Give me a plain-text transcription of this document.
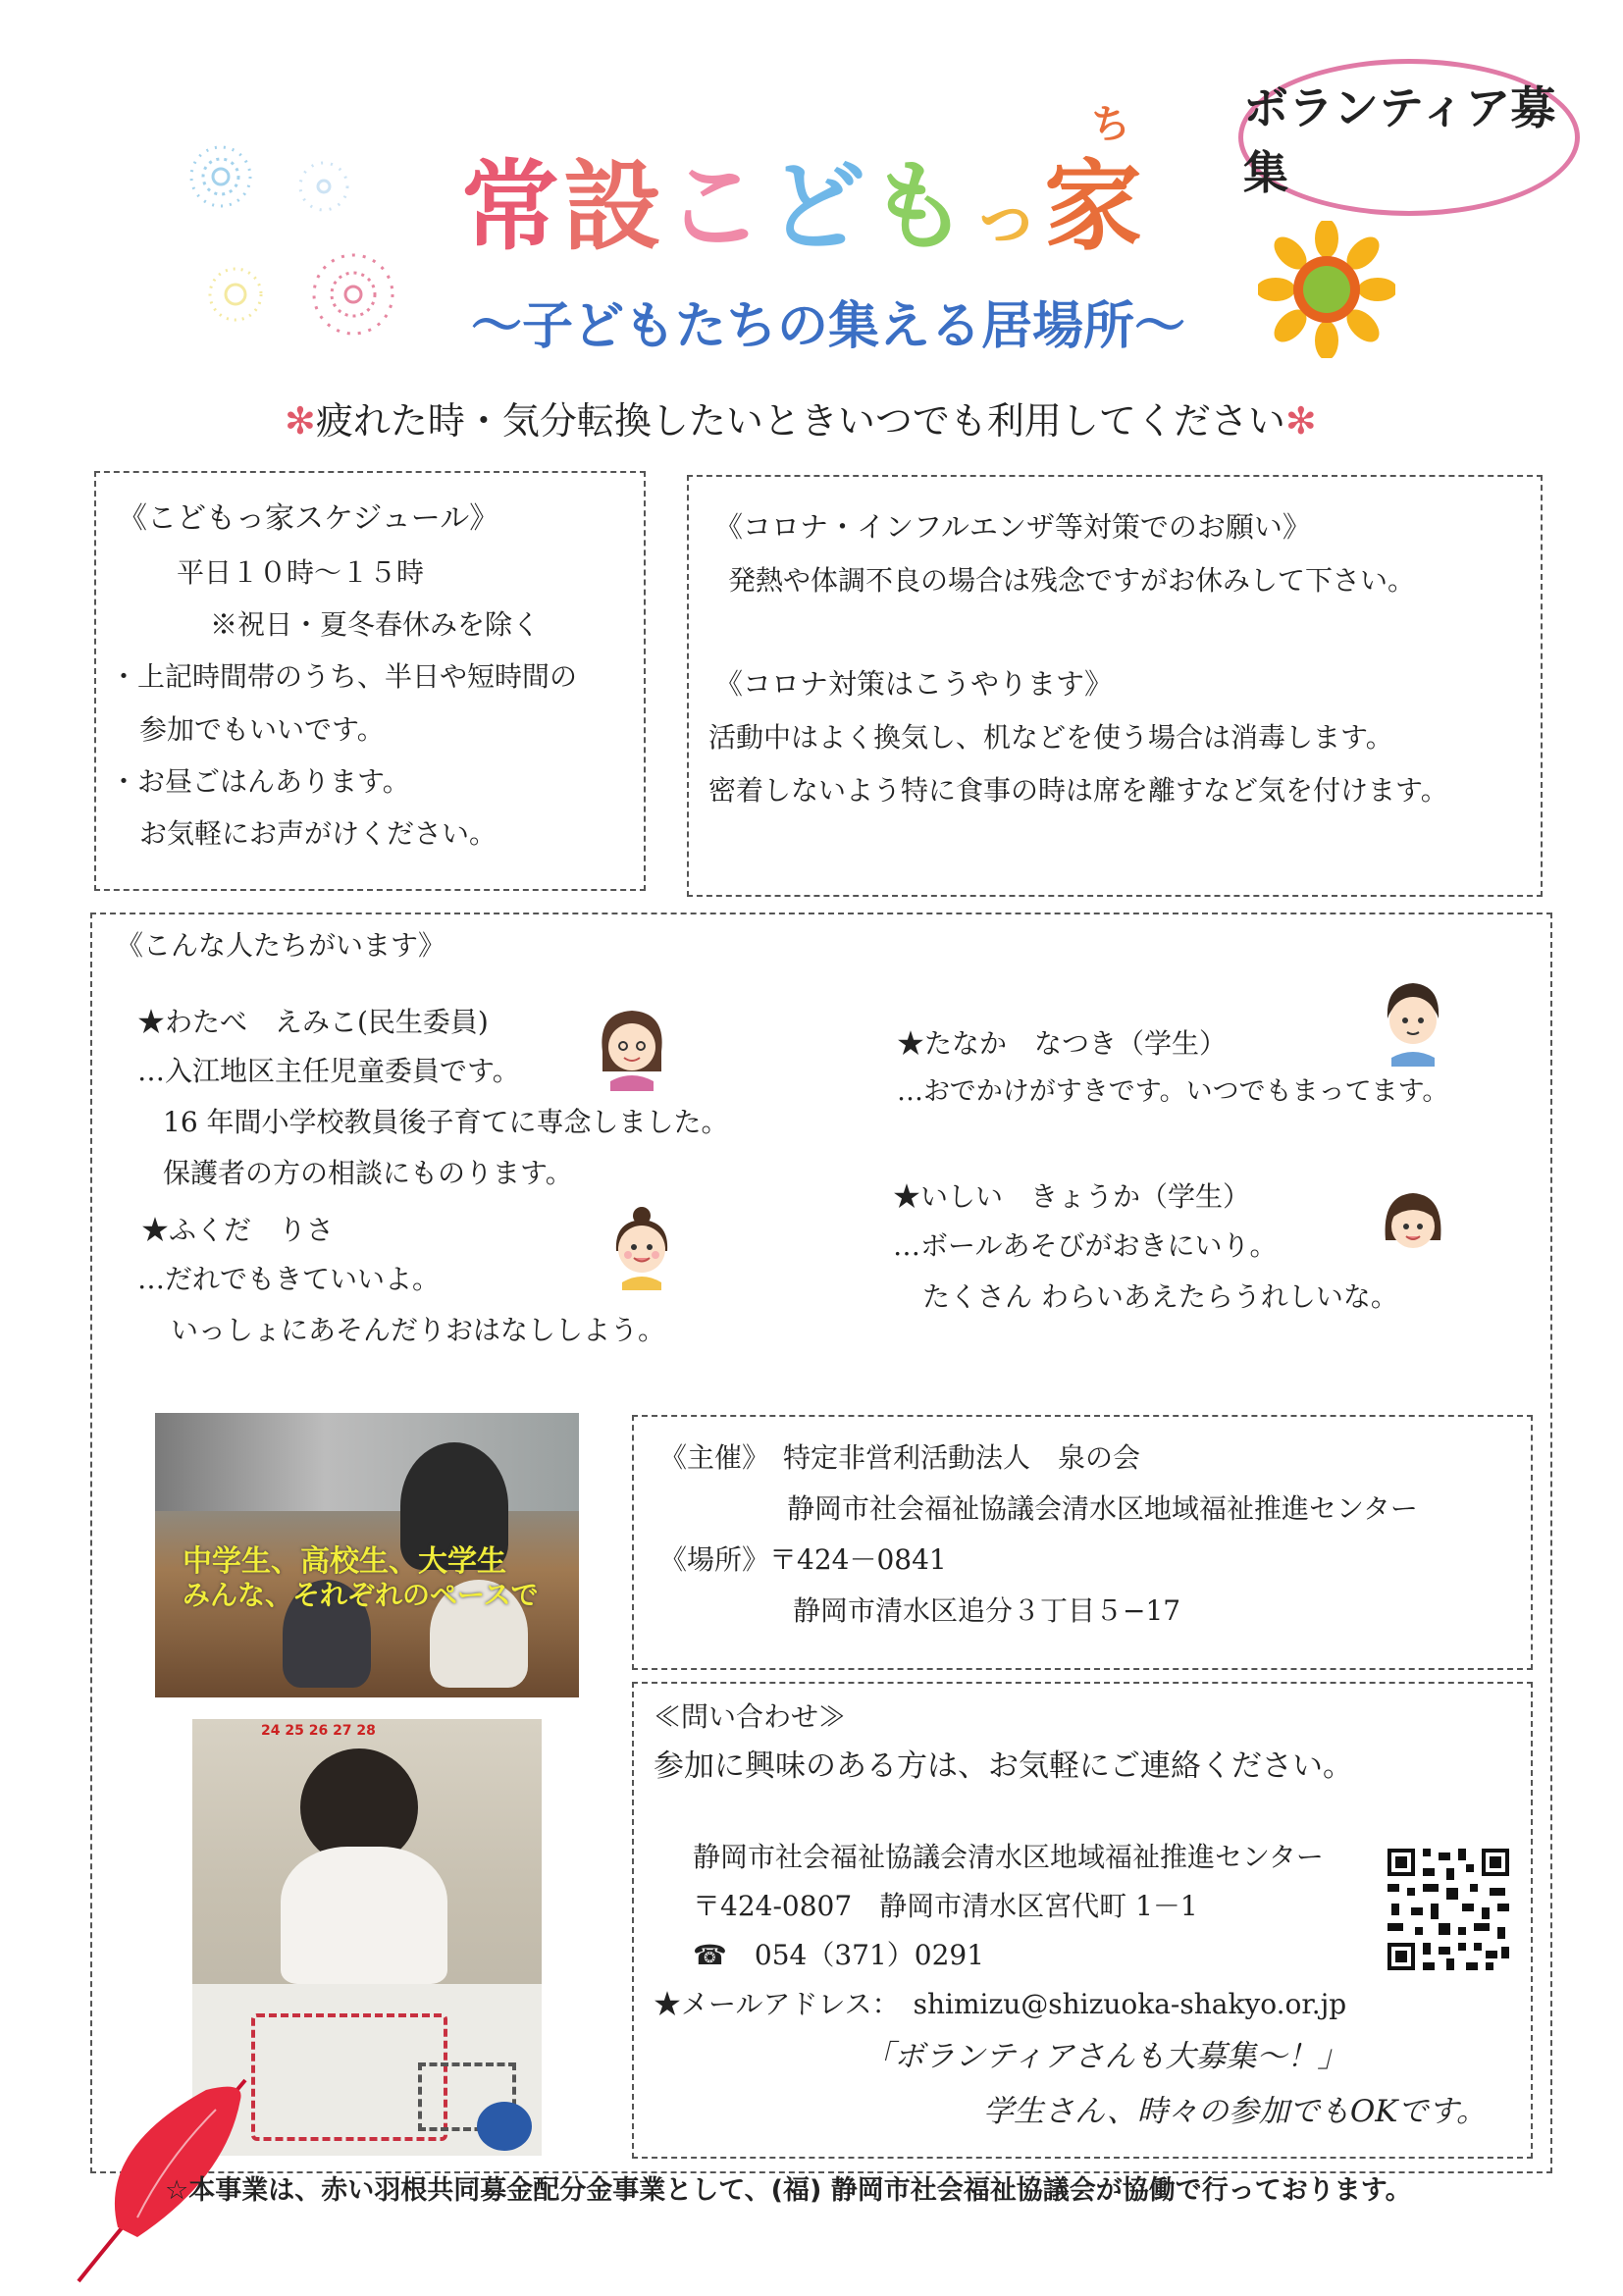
常設こどもっ家
ち	ボランティア募集
～子どもたちの集える居場所～
✻疲れた時・気分転換したいときいつでも利用してください✻

《こどもっ家スケジュール》

平日１０時～１５時

※祝日・夏冬春休みを除く

・上記時間帯のうち、半日や短時間の

参加でもいいです。

・お昼ごはんあります。

お気軽にお声がけください。

《コロナ・インフルエンザ等対策でのお願い》

発熱や体調不良の場合は残念ですがお休みして下さい。

《コロナ対策はこうやります》

活動中はよく換気し、机などを使う場合は消毒します。

密着しないよう特に食事の時は席を離すなど気を付けます。

《こんな人たちがいます》

★わたべ　えみこ(民生委員)

…入江地区主任児童委員です。

16 年間小学校教員後子育てに専念しました。

保護者の方の相談にものります。

★ふくだ　りさ

…だれでもきていいよ。

いっしょにあそんだりおはなししよう。

★たなか　なつき（学生）

…おでかけがすきです。いつでもまってます。

★いしい　きょうか（学生）

…ボールあそびがおきにいり。

たくさん わらいあえたらうれしいな。

中学生、高校生、大学生
みんな、それぞれのペースで
24 25 26 27 28

《主催》　 特定非営利活動法人　泉の会

静岡市社会福祉協議会清水区地域福祉推進センター

《場所》〒424－0841

静岡市清水区追分３丁目５−17

≪問い合わせ≫

参加に興味のある方は、お気軽にご連絡ください。

静岡市社会福祉協議会清水区地域福祉推進センター

〒424-0807　静岡市清水区宮代町 1－1

☎　 054（371）0291

★メールアドレス：　 shimizu@shizuoka-shakyo.or.jp

「ボランティアさんも大募集～！」

学生さん、時々の参加でもOKです。

☆本事業は、赤い羽根共同募金配分金事業として、(福) 静岡市社会福祉協議会が協働で行っております。
